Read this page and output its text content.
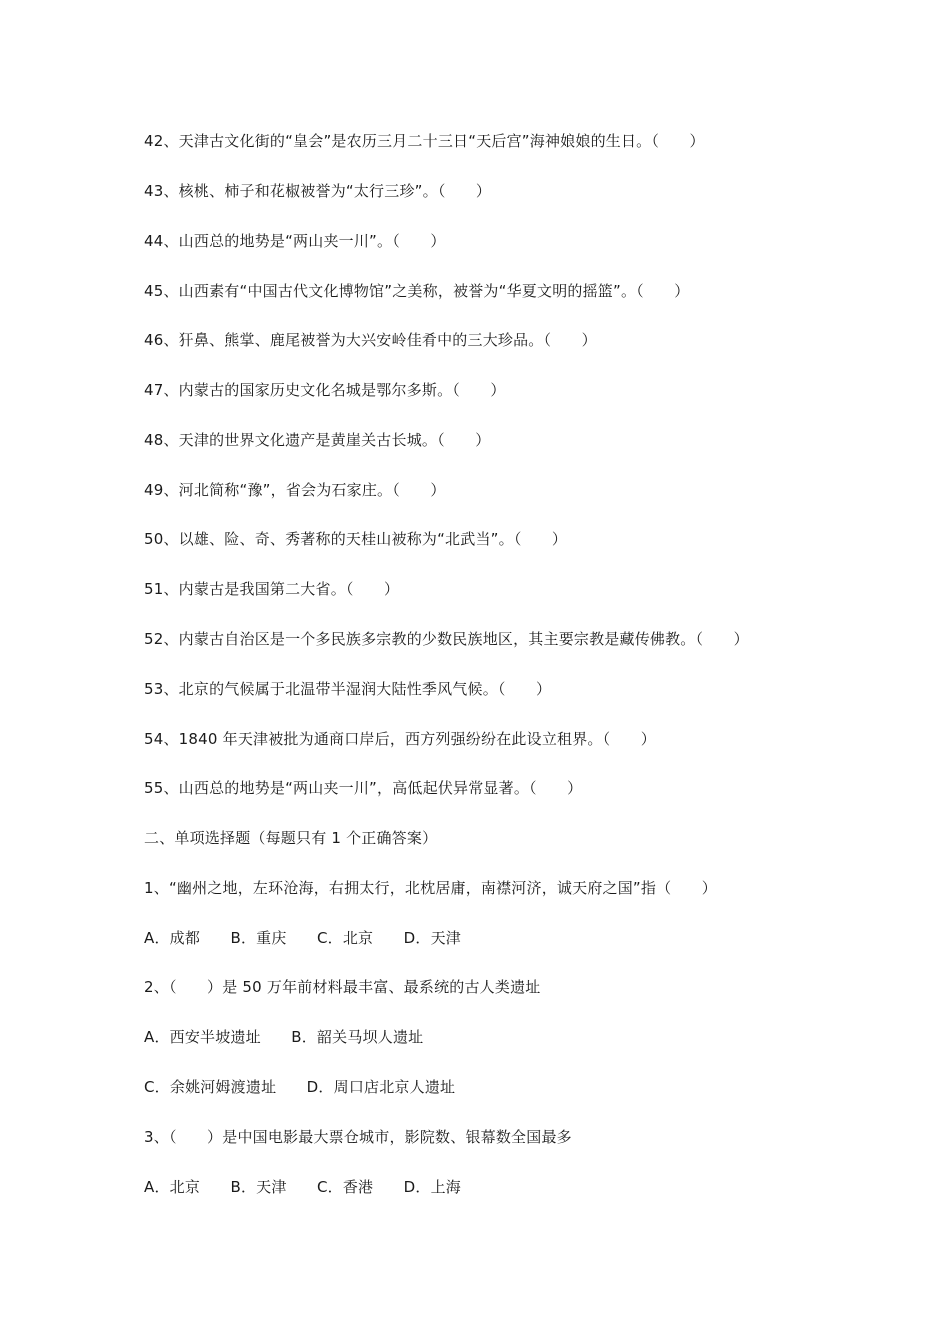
42、天津古文化街的“皇会”是农历三月二十三日“天后宫”海神娘娘的生日。（　　）
43、核桃、柿子和花椒被誉为“太行三珍”。（　　）
44、山西总的地势是“两山夹一川”。（　　）
45、山西素有“中国古代文化博物馆”之美称，被誉为“华夏文明的摇篮”。（　　）
46、犴鼻、熊掌、鹿尾被誉为大兴安岭佳肴中的三大珍品。（　　）
47、内蒙古的国家历史文化名城是鄂尔多斯。（　　）
48、天津的世界文化遗产是黄崖关古长城。（　　）
49、河北简称“豫”，省会为石家庄。（　　）
50、以雄、险、奇、秀著称的天桂山被称为“北武当”。（　　）
51、内蒙古是我国第二大省。（　　）
52、内蒙古自治区是一个多民族多宗教的少数民族地区，其主要宗教是藏传佛教。（　　）
53、北京的气候属于北温带半湿润大陆性季风气候。（　　）
54、1840 年天津被批为通商口岸后，西方列强纷纷在此设立租界。（　　）
55、山西总的地势是“两山夹一川”，高低起伏异常显著。（　　）
二、单项选择题（每题只有 1 个正确答案）
1、“幽州之地，左环沧海，右拥太行，北枕居庸，南襟河济，诚天府之国”指（　　）
A．成都　　B．重庆　　C．北京　　D．天津
2、（　　）是 50 万年前材料最丰富、最系统的古人类遗址
A．西安半坡遗址　　B．韶关马坝人遗址
C．余姚河姆渡遗址　　D．周口店北京人遗址
3、（　　）是中国电影最大票仓城市，影院数、银幕数全国最多
A．北京　　B．天津　　C．香港　　D．上海
